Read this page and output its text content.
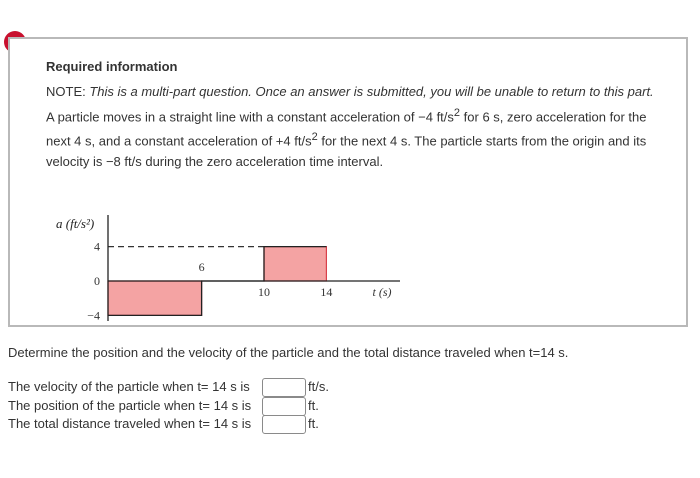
Required information
NOTE: This is a multi-part question. Once an answer is submitted, you will be unable to return to this part.
A particle moves in a straight line with a constant acceleration of −4 $ft/s^2$ for 6 s, zero acceleration for the next 4 s, and a constant acceleration of +4 $ft/s^2$ for the next 4 s. The particle starts from the origin and its velocity is −8 ft/s during the zero acceleration time interval.
a (ft/s²)
4
0
−4
6
10	14	t (s)
Determine the position and the velocity of the particle and the total distance traveled when t=14 s.
The velocity of the particle when t= 14 s is	ft/s.
The position of the particle when t= 14 s is	ft.
The total distance traveled when t= 14 s is	ft.
